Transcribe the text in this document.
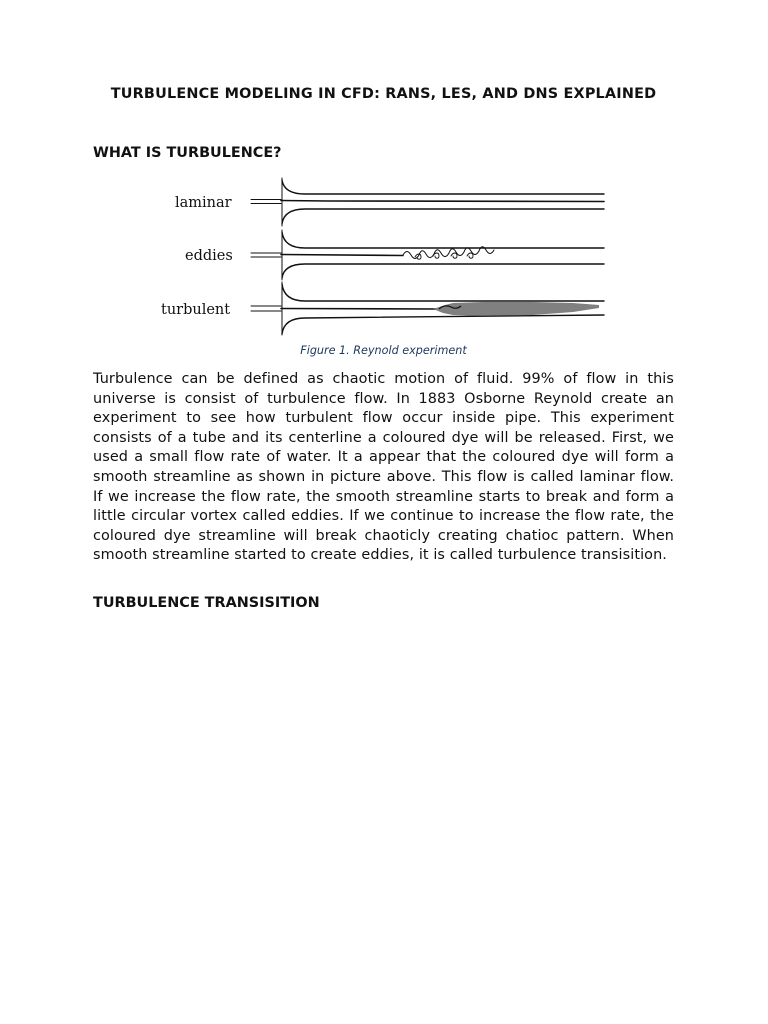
TURBULENCE MODELING IN CFD: RANS, LES, AND DNS EXPLAINED
WHAT IS TURBULENCE?
laminar
eddies
turbulent

Figure 1. Reynold experiment

Turbulence can be defined as chaotic motion of fluid. 99% of flow in this universe is consist of turbulence flow. In 1883 Osborne Reynold create an experiment to see how turbulent flow occur inside pipe. This experiment consists of a tube and its centerline a coloured dye will be released. First, we used a small flow rate of water. It a appear that the coloured dye will form a smooth streamline as shown in picture above. This flow is called laminar flow. If we increase the flow rate, the smooth streamline starts to break and form a little circular vortex called eddies. If we continue to increase the flow rate, the coloured dye streamline will break chaoticly creating chatioc pattern. When smooth streamline started to create eddies, it is called turbulence transisition.

TURBULENCE TRANSISITION
